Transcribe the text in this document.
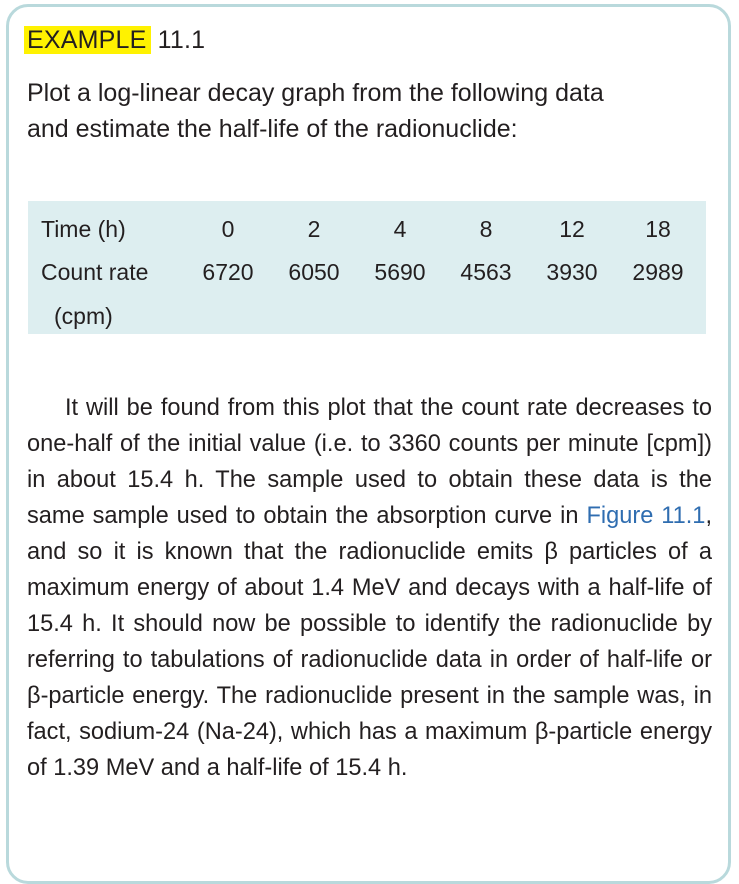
EXAMPLE 11.1
Plot a log-linear decay graph from the following data
and estimate the half-life of the radionuclide:
Time (h)	0	2	4	8	12	18
Count rate	6720	6050	5690	4563	3930	2989
(cpm)

It will be found from this plot that the count rate decreases to one-half of the initial value (i.e. to 3360 counts per minute [cpm]) in about 15.4 h. The sample used to obtain these data is the same sample used to obtain the absorption curve in Figure 11.1, and so it is known that the radionuclide emits β particles of a maximum energy of about 1.4 MeV and decays with a half-life of 15.4 h. It should now be possible to identify the radionuclide by referring to tabulations of radionuclide data in order of half-life or β-particle energy. The radionuclide present in the sample was, in fact, sodium-24 (Na-24), which has a maximum β-particle energy of 1.39 MeV and a half-life of 15.4 h.
